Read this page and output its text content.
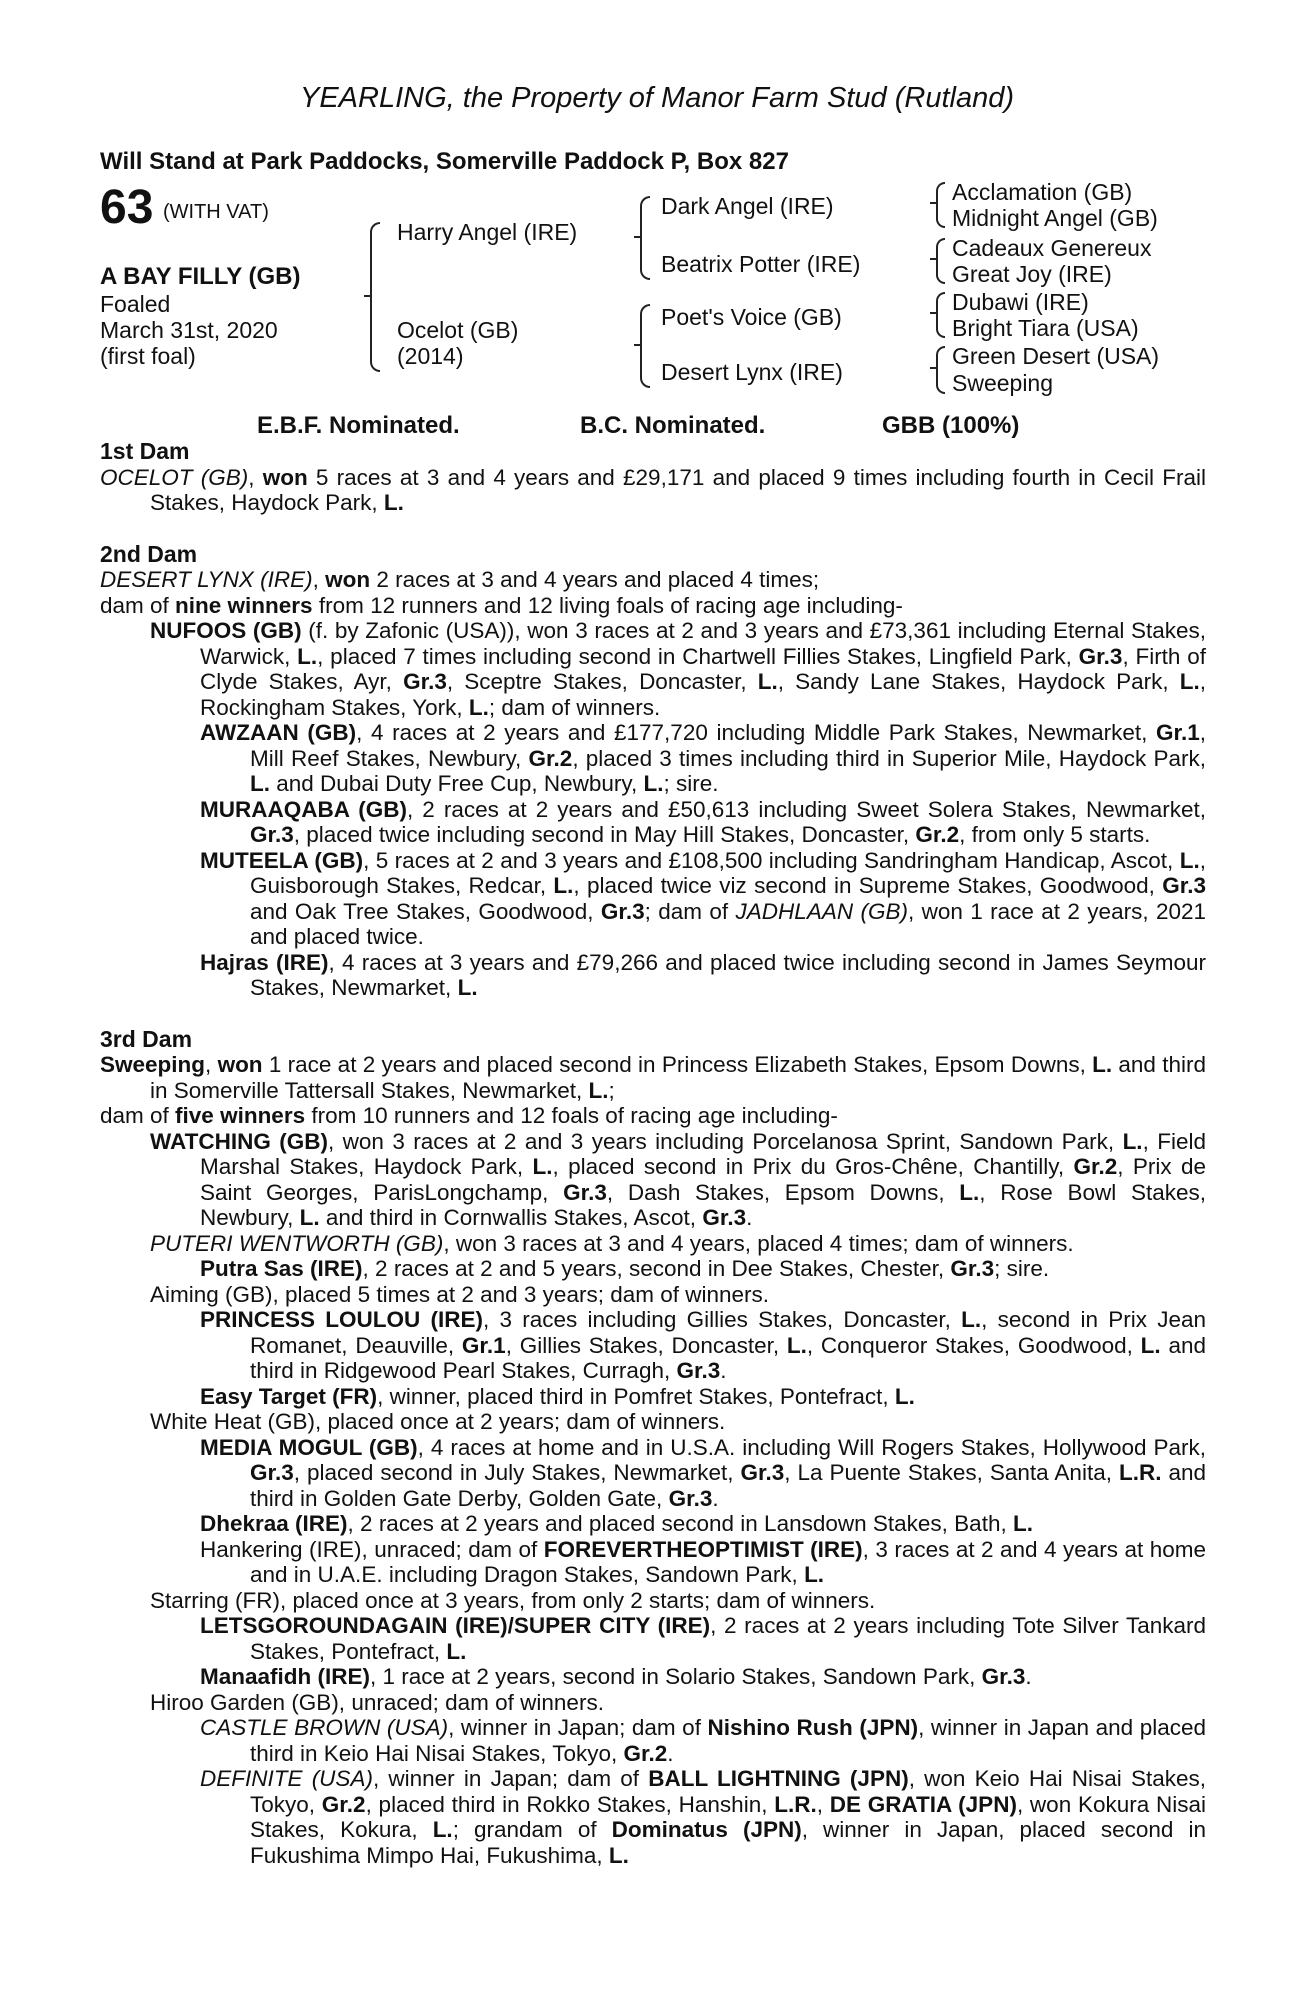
YEARLING, the Property of Manor Farm Stud (Rutland)
Will Stand at Park Paddocks, Somerville Paddock P, Box 827
63 (WITH VAT)
A BAY FILLY (GB)
Foaled
March 31st, 2020
(first foal)
Harry Angel (IRE)
Ocelot (GB)
(2014)
Dark Angel (IRE)
Beatrix Potter (IRE)
Poet's Voice (GB)
Desert Lynx (IRE)
Acclamation (GB)
Midnight Angel (GB)
Cadeaux Genereux
Great Joy (IRE)
Dubawi (IRE)
Bright Tiara (USA)
Green Desert (USA)
Sweeping
E.B.F. Nominated.	B.C. Nominated.	GBB (100%)

1st Dam

OCELOT (GB), won 5 races at 3 and 4 years and £29,171 and placed 9 times including fourth in Cecil Frail Stakes, Haydock Park, L.

2nd Dam

DESERT LYNX (IRE), won 2 races at 3 and 4 years and placed 4 times;

dam of nine winners from 12 runners and 12 living foals of racing age including-

NUFOOS (GB) (f. by Zafonic (USA)), won 3 races at 2 and 3 years and £73,361 including Eternal Stakes, Warwick, L., placed 7 times including second in Chartwell Fillies Stakes, Lingfield Park, Gr.3, Firth of Clyde Stakes, Ayr, Gr.3, Sceptre Stakes, Doncaster, L., Sandy Lane Stakes, Haydock Park, L., Rockingham Stakes, York, L.; dam of winners.

AWZAAN (GB), 4 races at 2 years and £177,720 including Middle Park Stakes, Newmarket, Gr.1, Mill Reef Stakes, Newbury, Gr.2, placed 3 times including third in Superior Mile, Haydock Park, L. and Dubai Duty Free Cup, Newbury, L.; sire.

MURAAQABA (GB), 2 races at 2 years and £50,613 including Sweet Solera Stakes, Newmarket, Gr.3, placed twice including second in May Hill Stakes, Doncaster, Gr.2, from only 5 starts.

MUTEELA (GB), 5 races at 2 and 3 years and £108,500 including Sandringham Handicap, Ascot, L., Guisborough Stakes, Redcar, L., placed twice viz second in Supreme Stakes, Goodwood, Gr.3 and Oak Tree Stakes, Goodwood, Gr.3; dam of JADHLAAN (GB), won 1 race at 2 years, 2021 and placed twice.

Hajras (IRE), 4 races at 3 years and £79,266 and placed twice including second in James Seymour Stakes, Newmarket, L.

3rd Dam

Sweeping, won 1 race at 2 years and placed second in Princess Elizabeth Stakes, Epsom Downs, L. and third in Somerville Tattersall Stakes, Newmarket, L.;

dam of five winners from 10 runners and 12 foals of racing age including-

WATCHING (GB), won 3 races at 2 and 3 years including Porcelanosa Sprint, Sandown Park, L., Field Marshal Stakes, Haydock Park, L., placed second in Prix du Gros-Chêne, Chantilly, Gr.2, Prix de Saint Georges, ParisLongchamp, Gr.3, Dash Stakes, Epsom Downs, L., Rose Bowl Stakes, Newbury, L. and third in Cornwallis Stakes, Ascot, Gr.3.

PUTERI WENTWORTH (GB), won 3 races at 3 and 4 years, placed 4 times; dam of winners.

Putra Sas (IRE), 2 races at 2 and 5 years, second in Dee Stakes, Chester, Gr.3; sire.

Aiming (GB), placed 5 times at 2 and 3 years; dam of winners.

PRINCESS LOULOU (IRE), 3 races including Gillies Stakes, Doncaster, L., second in Prix Jean Romanet, Deauville, Gr.1, Gillies Stakes, Doncaster, L., Conqueror Stakes, Goodwood, L. and third in Ridgewood Pearl Stakes, Curragh, Gr.3.

Easy Target (FR), winner, placed third in Pomfret Stakes, Pontefract, L.

White Heat (GB), placed once at 2 years; dam of winners.

MEDIA MOGUL (GB), 4 races at home and in U.S.A. including Will Rogers Stakes, Hollywood Park, Gr.3, placed second in July Stakes, Newmarket, Gr.3, La Puente Stakes, Santa Anita, L.R. and third in Golden Gate Derby, Golden Gate, Gr.3.

Dhekraa (IRE), 2 races at 2 years and placed second in Lansdown Stakes, Bath, L.

Hankering (IRE), unraced; dam of FOREVERTHEOPTIMIST (IRE), 3 races at 2 and 4 years at home and in U.A.E. including Dragon Stakes, Sandown Park, L.

Starring (FR), placed once at 3 years, from only 2 starts; dam of winners.

LETSGOROUNDAGAIN (IRE)/SUPER CITY (IRE), 2 races at 2 years including Tote Silver Tankard Stakes, Pontefract, L.

Manaafidh (IRE), 1 race at 2 years, second in Solario Stakes, Sandown Park, Gr.3.

Hiroo Garden (GB), unraced; dam of winners.

CASTLE BROWN (USA), winner in Japan; dam of Nishino Rush (JPN), winner in Japan and placed third in Keio Hai Nisai Stakes, Tokyo, Gr.2.

DEFINITE (USA), winner in Japan; dam of BALL LIGHTNING (JPN), won Keio Hai Nisai Stakes, Tokyo, Gr.2, placed third in Rokko Stakes, Hanshin, L.R., DE GRATIA (JPN), won Kokura Nisai Stakes, Kokura, L.; grandam of Dominatus (JPN), winner in Japan, placed second in Fukushima Mimpo Hai, Fukushima, L.
